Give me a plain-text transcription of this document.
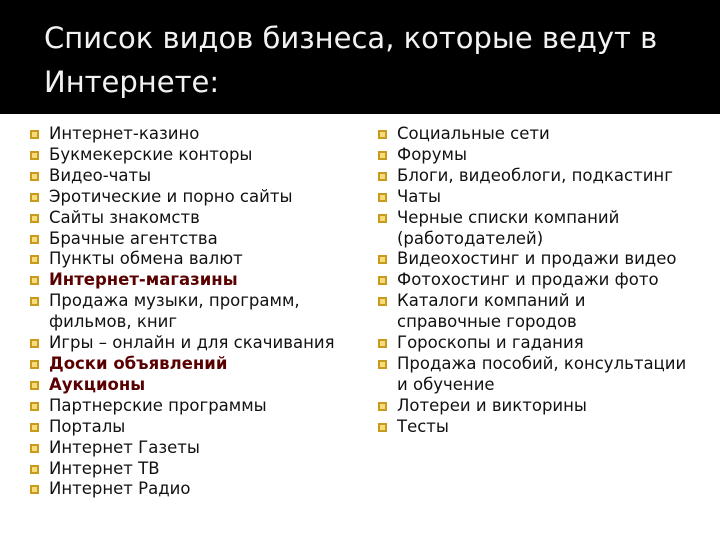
Список видов бизнеса, которые ведут в Интернете:
Интернет-казино
Букмекерские конторы
Видео-чаты
Эротические и порно сайты
Сайты знакомств
Брачные агентства
Пункты обмена валют
Интернет-магазины
Продажа музыки, программ,
фильмов, книг
Игры – онлайн и для скачивания
Доски объявлений
Аукционы
Партнерские программы
Порталы
Интернет Газеты
Интернет ТВ
Интернет Радио
Социальные сети
Форумы
Блоги, видеоблоги, подкастинг
Чаты
Черные списки компаний
(работодателей)
Видеохостинг и продажи видео
Фотохостинг и продажи фото
Каталоги компаний и
справочные городов
Гороскопы и гадания
Продажа пособий, консультации
и обучение
Лотереи и викторины
Тесты
